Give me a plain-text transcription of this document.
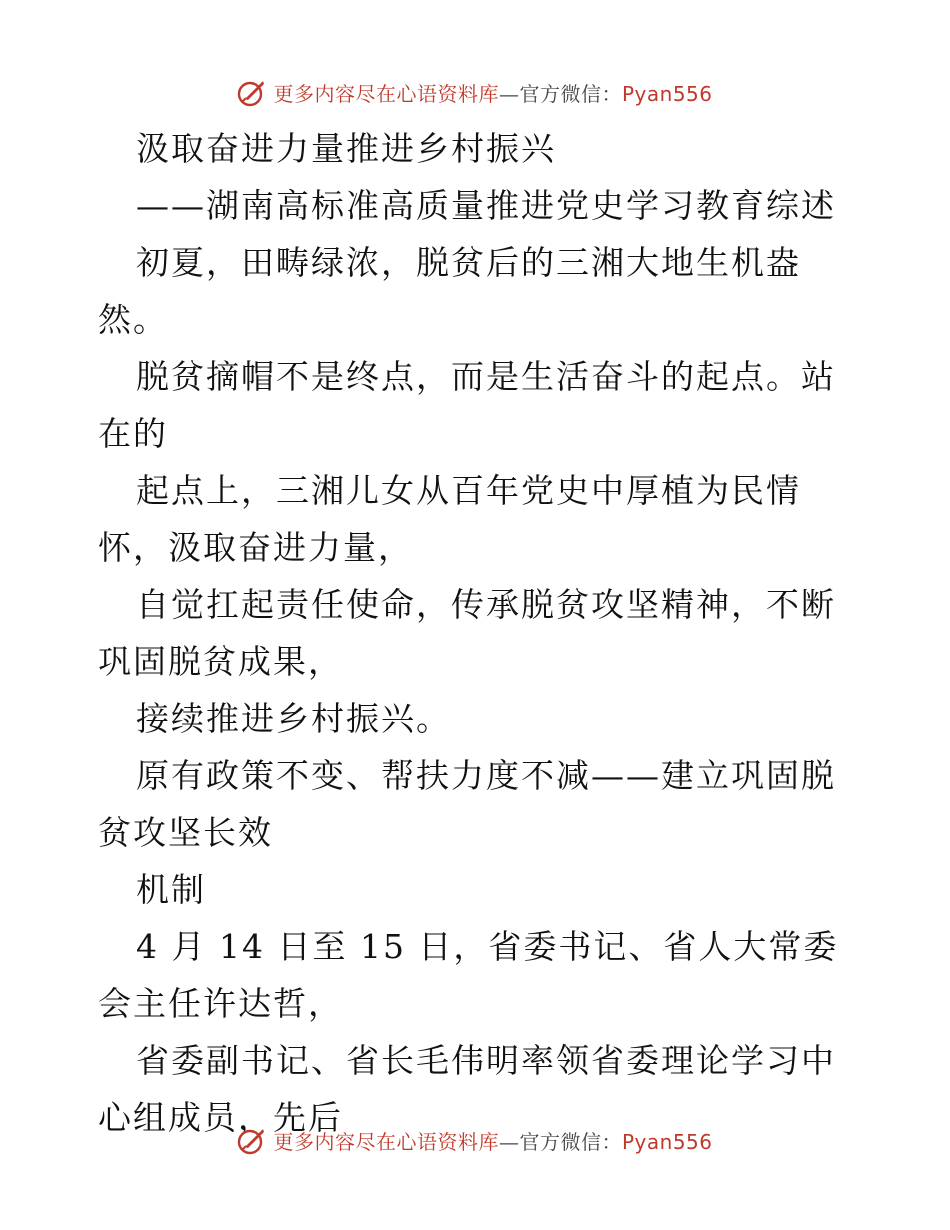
更多内容尽在心语资料库—官方微信：Pyan556

汲取奋进力量推进乡村振兴

——湖南高标准高质量推进党史学习教育综述

初夏，田畴绿浓，脱贫后的三湘大地生机盎然。

脱贫摘帽不是终点，而是生活奋斗的起点。站在的

起点上，三湘儿女从百年党史中厚植为民情怀，汲取奋进力量，

自觉扛起责任使命，传承脱贫攻坚精神，不断巩固脱贫成果，

接续推进乡村振兴。

原有政策不变、帮扶力度不减——建立巩固脱贫攻坚长效

机制

4 月 14 日至 15 日，省委书记、省人大常委会主任许达哲，

省委副书记、省长毛伟明率领省委理论学习中心组成员，先后

更多内容尽在心语资料库—官方微信：Pyan556
